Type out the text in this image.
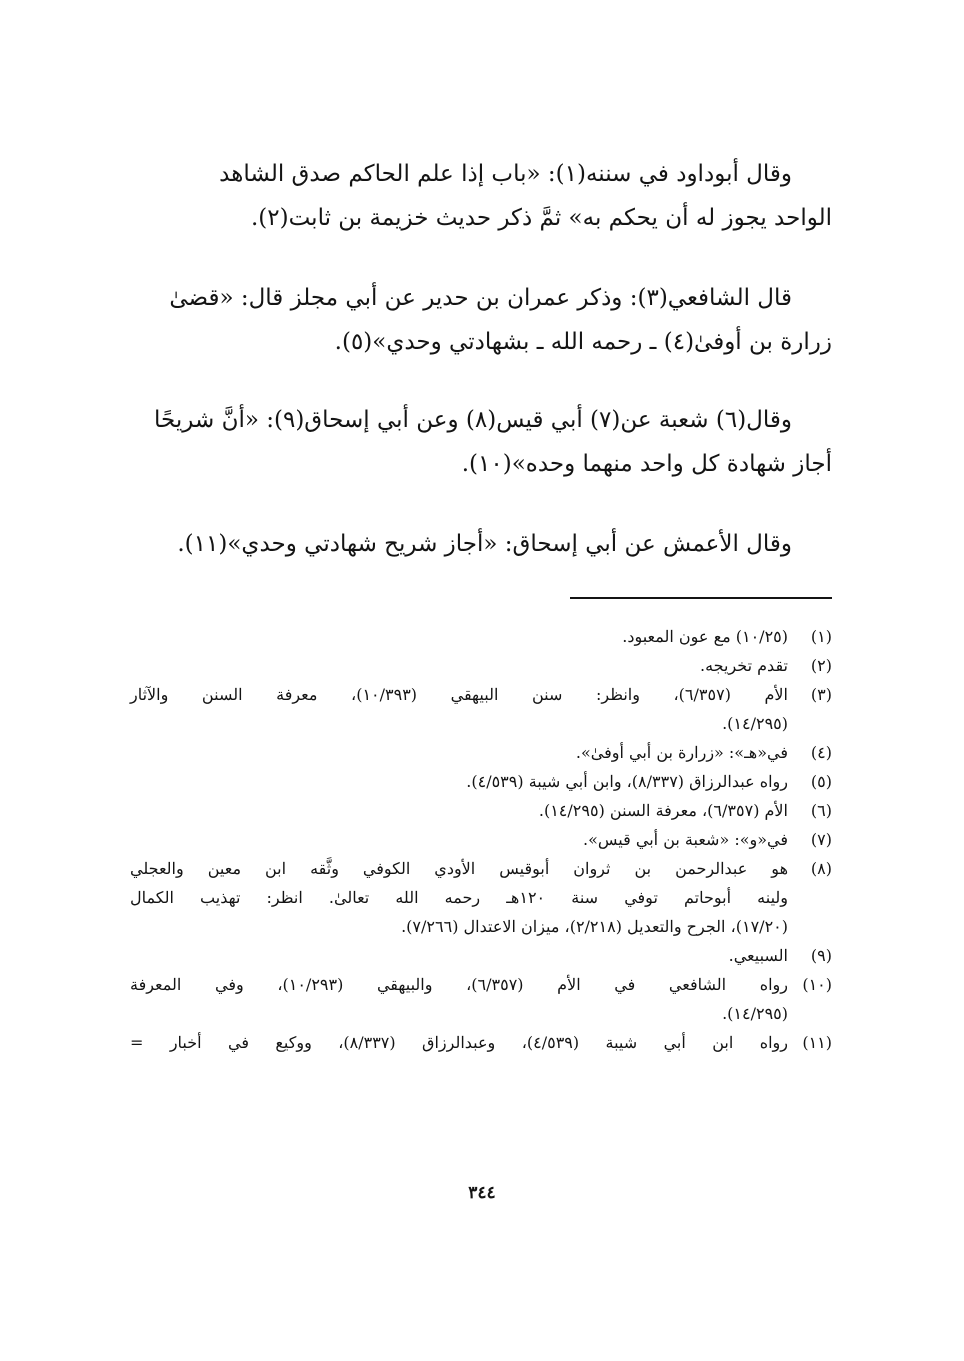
وقال أبوداود في سننه(١): «باب إذا علم الحاكم صدق الشاهد
الواحد يجوز له أن يحكم به» ثمَّ ذكر حديث خزيمة بن ثابت(٢).
قال الشافعي(٣): وذكر عمران بن حدير عن أبي مجلز قال: «قضىٰ
زرارة بن أوفىٰ(٤) ـ رحمه الله ـ بشهادتي وحدي»(٥).
وقال(٦) شعبة عن(٧) أبي قيس(٨) وعن أبي إسحاق(٩): «أنَّ شريحًا
أجاز شهادة كل واحد منهما وحده»(١٠).
وقال الأعمش عن أبي إسحاق: «أجاز شريح شهادتي وحدي»(١١).
(١)
(١٠/٢٥) مع عون المعبود.
(٢)
تقدم تخريجه.
(٣)
الأم (٦/٣٥٧)، وانظر: سنن البيهقي (١٠/٣٩٣)، معرفة السنن والآثار
(١٤/٢٩٥).
(٤)
في«هـ»: «زرارة بن أبي أوفىٰ».
(٥)
رواه عبدالرزاق (٨/٣٣٧)، وابن أبي شيبة (٤/٥٣٩).
(٦)
الأم (٦/٣٥٧)، معرفة السنن (١٤/٢٩٥).
(٧)
في«و»: «شعبة بن أبي قيس».
(٨)
هو عبدالرحمن بن ثروان أبوقيس الأودي الكوفي وثَّقه ابن معين والعجلي
ولينه أبوحاتم توفي سنة ١٢٠هـ رحمه الله تعالىٰ. انظر: تهذيب الكمال
(١٧/٢٠)، الجرح والتعديل (٢/٢١٨)، ميزان الاعتدال (٧/٢٦٦).
(٩)
السبيعي.
(١٠)
رواه الشافعي في الأم (٦/٣٥٧)، والبيهقي (١٠/٢٩٣)، وفي المعرفة
(١٤/٢٩٥).
(١١)
رواه ابن أبي شيبة (٤/٥٣٩)، وعبدالرزاق (٨/٣٣٧)، ووكيع في أخبار =
٣٤٤
